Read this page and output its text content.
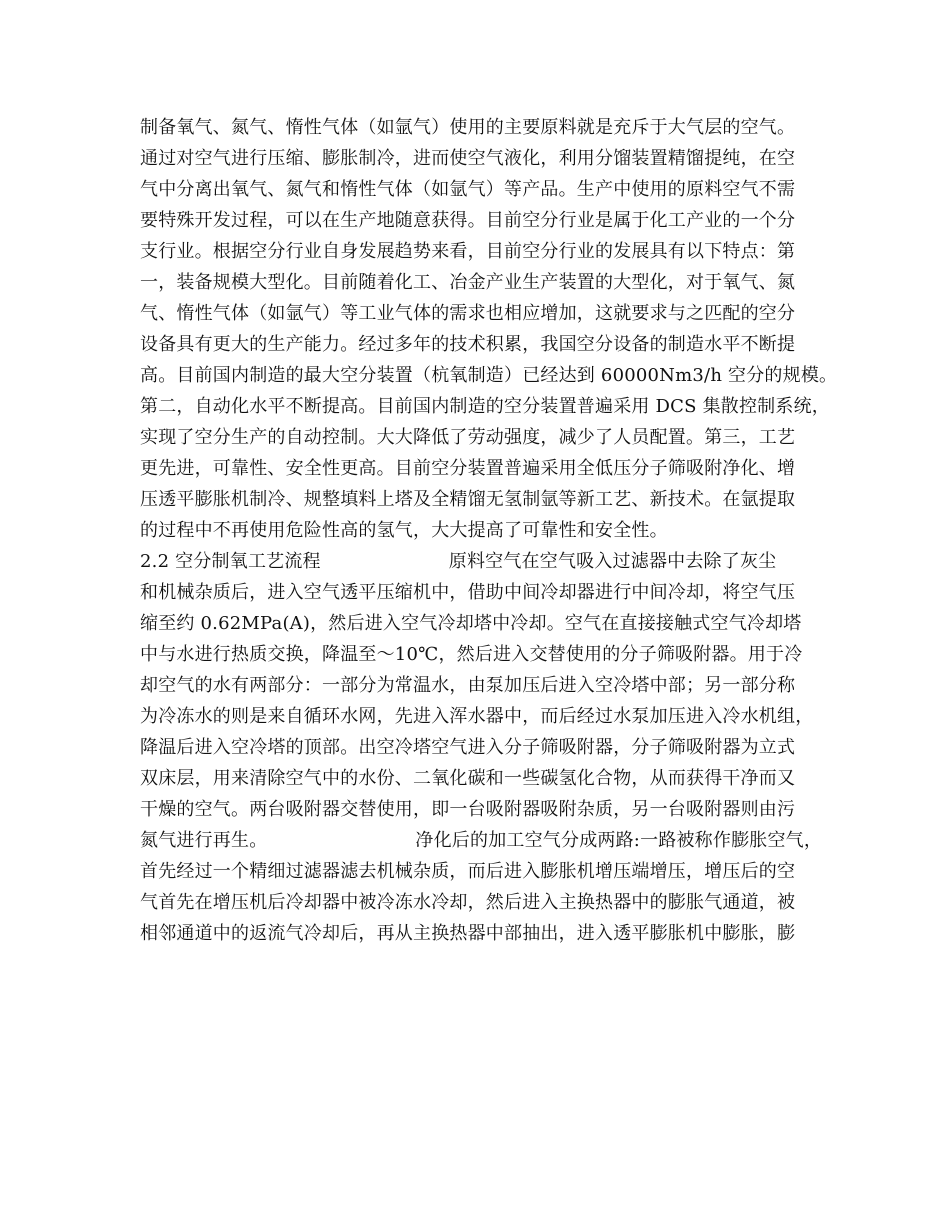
制备氧气、氮气、惰性气体（如氩气）使用的主要原料就是充斥于大气层的空气。
通过对空气进行压缩、膨胀制冷，进而使空气液化，利用分馏装置精馏提纯，在空
气中分离出氧气、氮气和惰性气体（如氩气）等产品。生产中使用的原料空气不需
要特殊开发过程，可以在生产地随意获得。目前空分行业是属于化工产业的一个分
支行业。根据空分行业自身发展趋势来看，目前空分行业的发展具有以下特点：第
一，装备规模大型化。目前随着化工、冶金产业生产装置的大型化，对于氧气、氮
气、惰性气体（如氩气）等工业气体的需求也相应增加，这就要求与之匹配的空分
设备具有更大的生产能力。经过多年的技术积累，我国空分设备的制造水平不断提
高。目前国内制造的最大空分装置（杭氧制造）已经达到 60000Nm3/h 空分的规模。
第二，自动化水平不断提高。目前国内制造的空分装置普遍采用 DCS 集散控制系统，
实现了空分生产的自动控制。大大降低了劳动强度，减少了人员配置。第三，工艺
更先进，可靠性、安全性更高。目前空分装置普遍采用全低压分子筛吸附净化、增
压透平膨胀机制冷、规整填料上塔及全精馏无氢制氩等新工艺、新技术。在氩提取
的过程中不再使用危险性高的氢气，大大提高了可靠性和安全性。
2.2 空分制氧工艺流程	原料空气在空气吸入过滤器中去除了灰尘
和机械杂质后，进入空气透平压缩机中，借助中间冷却器进行中间冷却，将空气压
缩至约 0.62MPa(A)，然后进入空气冷却塔中冷却。空气在直接接触式空气冷却塔
中与水进行热质交换，降温至～10℃，然后进入交替使用的分子筛吸附器。用于冷
却空气的水有两部分：一部分为常温水，由泵加压后进入空冷塔中部；另一部分称
为冷冻水的则是来自循环水网，先进入浑水器中，而后经过水泵加压进入冷水机组，
降温后进入空冷塔的顶部。出空冷塔空气进入分子筛吸附器，分子筛吸附器为立式
双床层，用来清除空气中的水份、二氧化碳和一些碳氢化合物，从而获得干净而又
干燥的空气。两台吸附器交替使用，即一台吸附器吸附杂质，另一台吸附器则由污
氮气进行再生。	净化后的加工空气分成两路:一路被称作膨胀空气，
首先经过一个精细过滤器滤去机械杂质，而后进入膨胀机增压端增压，增压后的空
气首先在增压机后冷却器中被冷冻水冷却，然后进入主换热器中的膨胀气通道，被
相邻通道中的返流气冷却后，再从主换热器中部抽出，进入透平膨胀机中膨胀，膨
